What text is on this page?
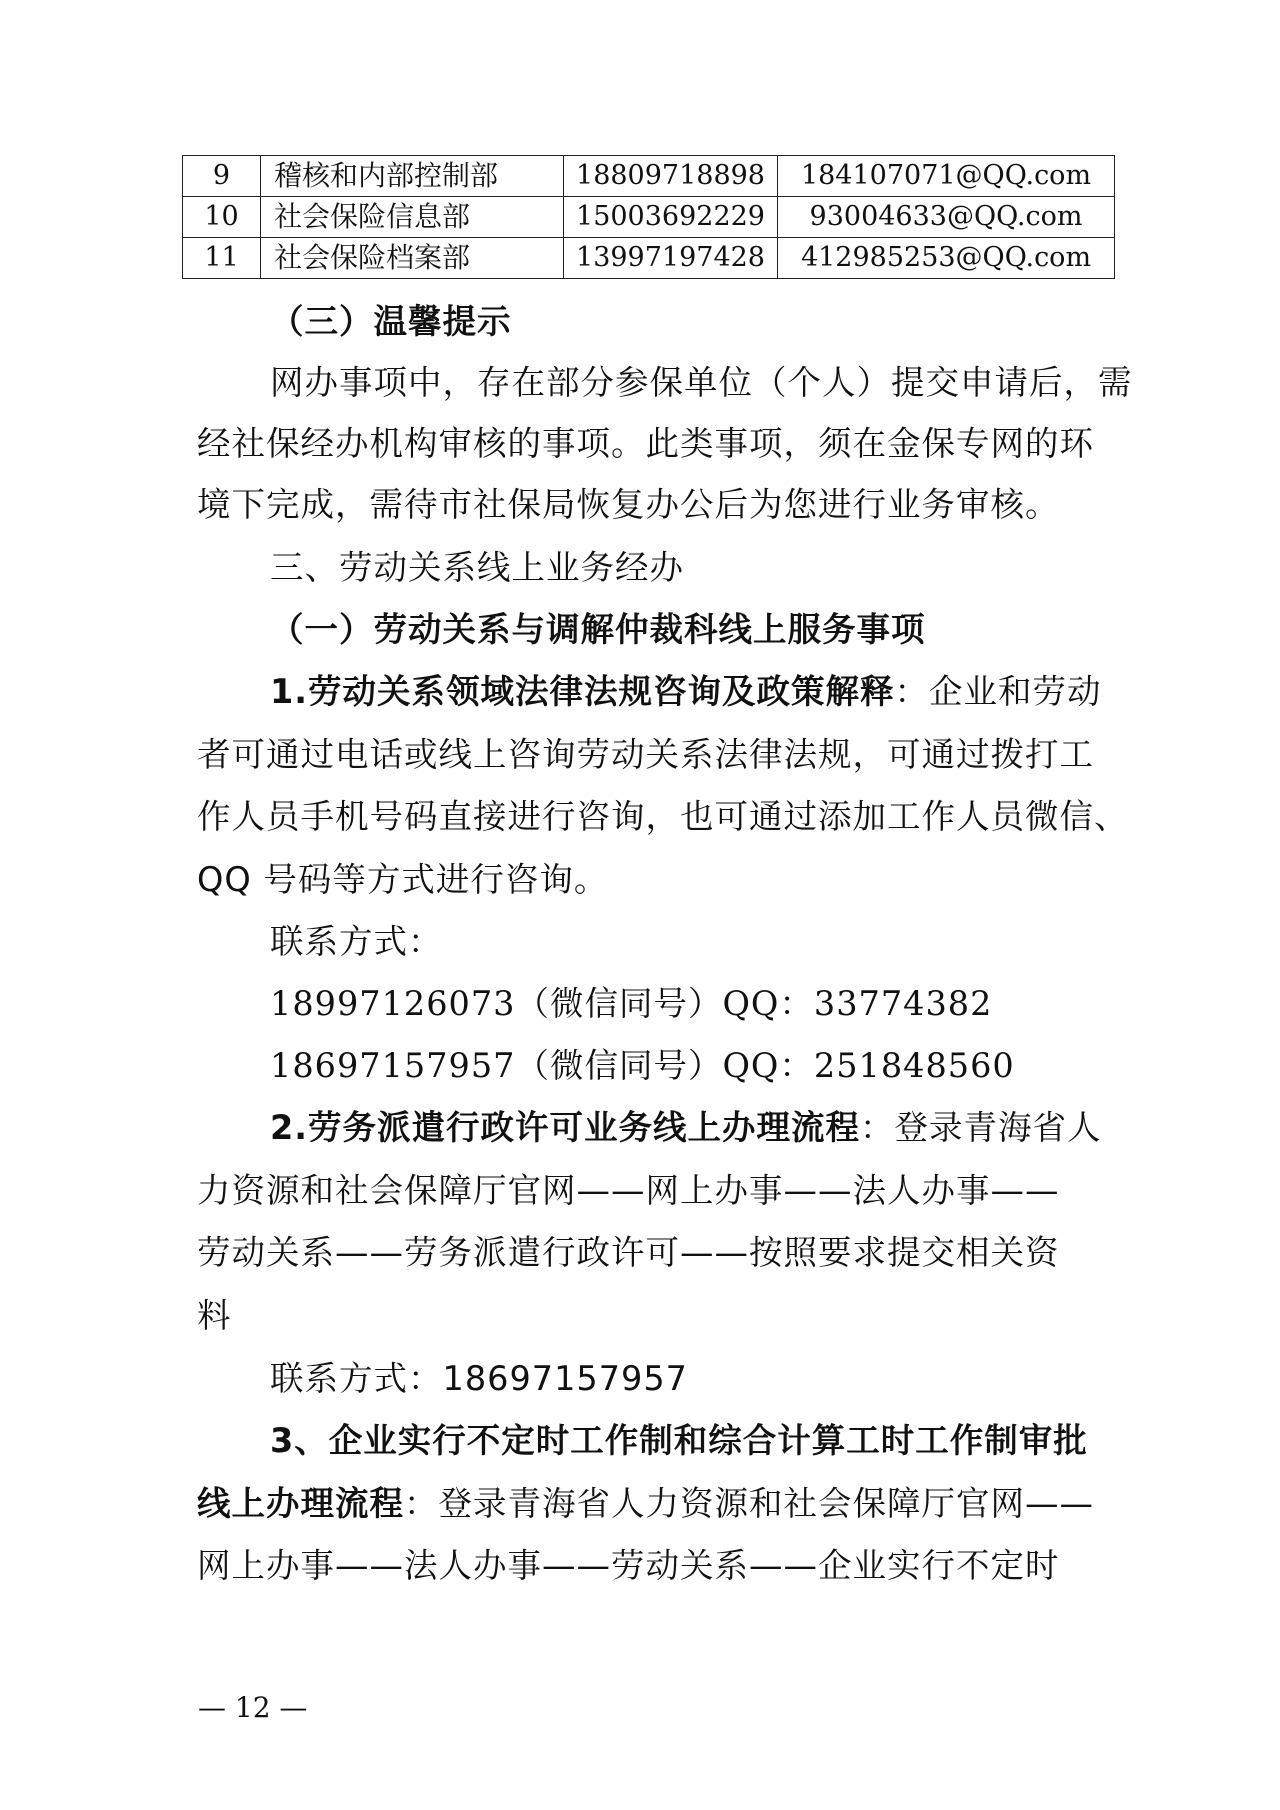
9	稽核和内部控制部	18809718898	184107071@QQ.com
10	社会保险信息部	15003692229	93004633@QQ.com
11	社会保险档案部	13997197428	412985253@QQ.com
（三）温馨提示
网办事项中，存在部分参保单位（个人）提交申请后，需
经社保经办机构审核的事项。此类事项，须在金保专网的环
境下完成，需待市社保局恢复办公后为您进行业务审核。
三、劳动关系线上业务经办
（一）劳动关系与调解仲裁科线上服务事项
1.劳动关系领域法律法规咨询及政策解释：企业和劳动
者可通过电话或线上咨询劳动关系法律法规，可通过拨打工
作人员手机号码直接进行咨询，也可通过添加工作人员微信、
QQ 号码等方式进行咨询。
联系方式：
18997126073（微信同号）QQ：33774382
18697157957（微信同号）QQ：251848560
2.劳务派遣行政许可业务线上办理流程：登录青海省人
力资源和社会保障厅官网——网上办事——法人办事——
劳动关系——劳务派遣行政许可——按照要求提交相关资
料
联系方式：18697157957
3、企业实行不定时工作制和综合计算工时工作制审批
线上办理流程：登录青海省人力资源和社会保障厅官网——
网上办事——法人办事——劳动关系——企业实行不定时
— 12 —
